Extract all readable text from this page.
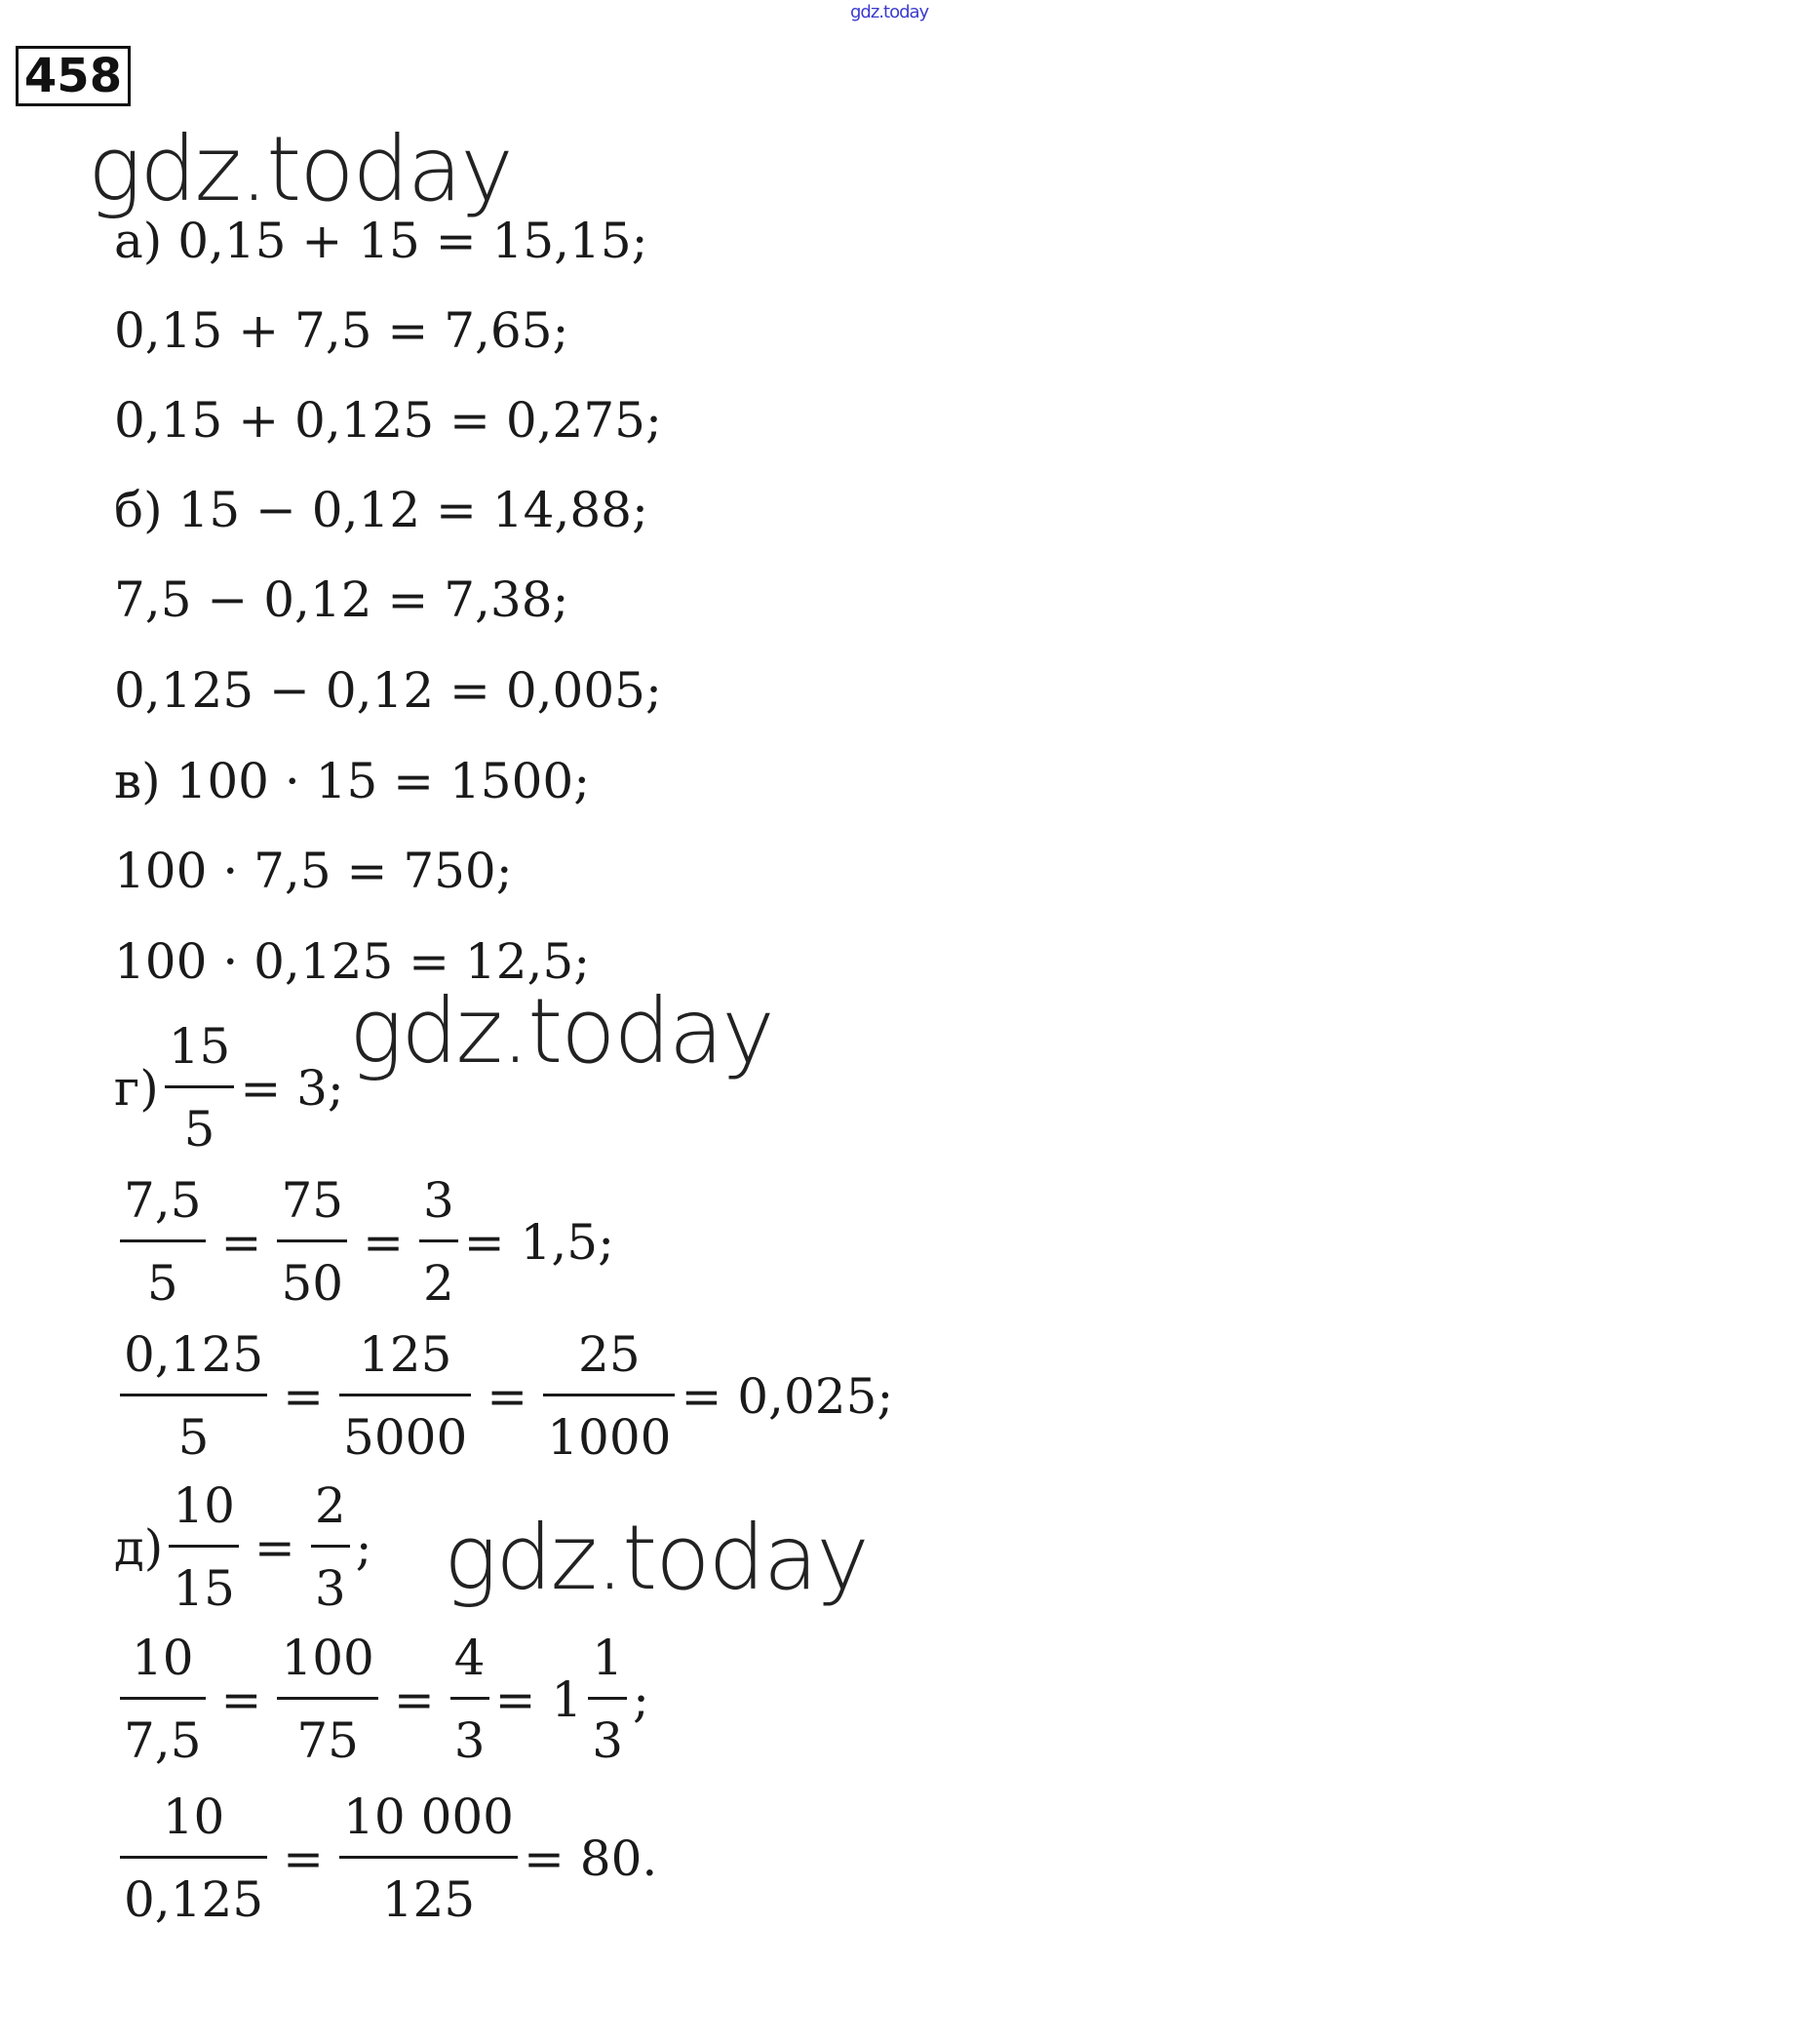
gdz.today
458
gdz.today
а) 0,15 + 15 = 15,15;
0,15 + 7,5 = 7,65;
0,15 + 0,125 = 0,275;
б) 15 − 0,12 = 14,88;
7,5 − 0,12 = 7,38;
0,125 − 0,12 = 0,005;
в) 100 · 15 = 1500;
100 · 7,5 = 750;
100 · 0,125 = 12,5;
gdz.today
$г) \frac{15}{5} = 3$;
$\frac{7,5}{5} = \frac{75}{50} = \frac{3}{2} = 1,5$;
$\frac{0,125}{5} = \frac{125}{5000} = \frac{25}{1000} = 0,025$;
$д) \frac{10}{15} = \frac{2}{3}$ ; gdz.today
$\frac{10}{7,5} = \frac{100}{75} = \frac{4}{3} = 1 \frac{1}{3}$ ;
$\frac{10}{0,125} = \frac{10 000}{125} = 80$.
